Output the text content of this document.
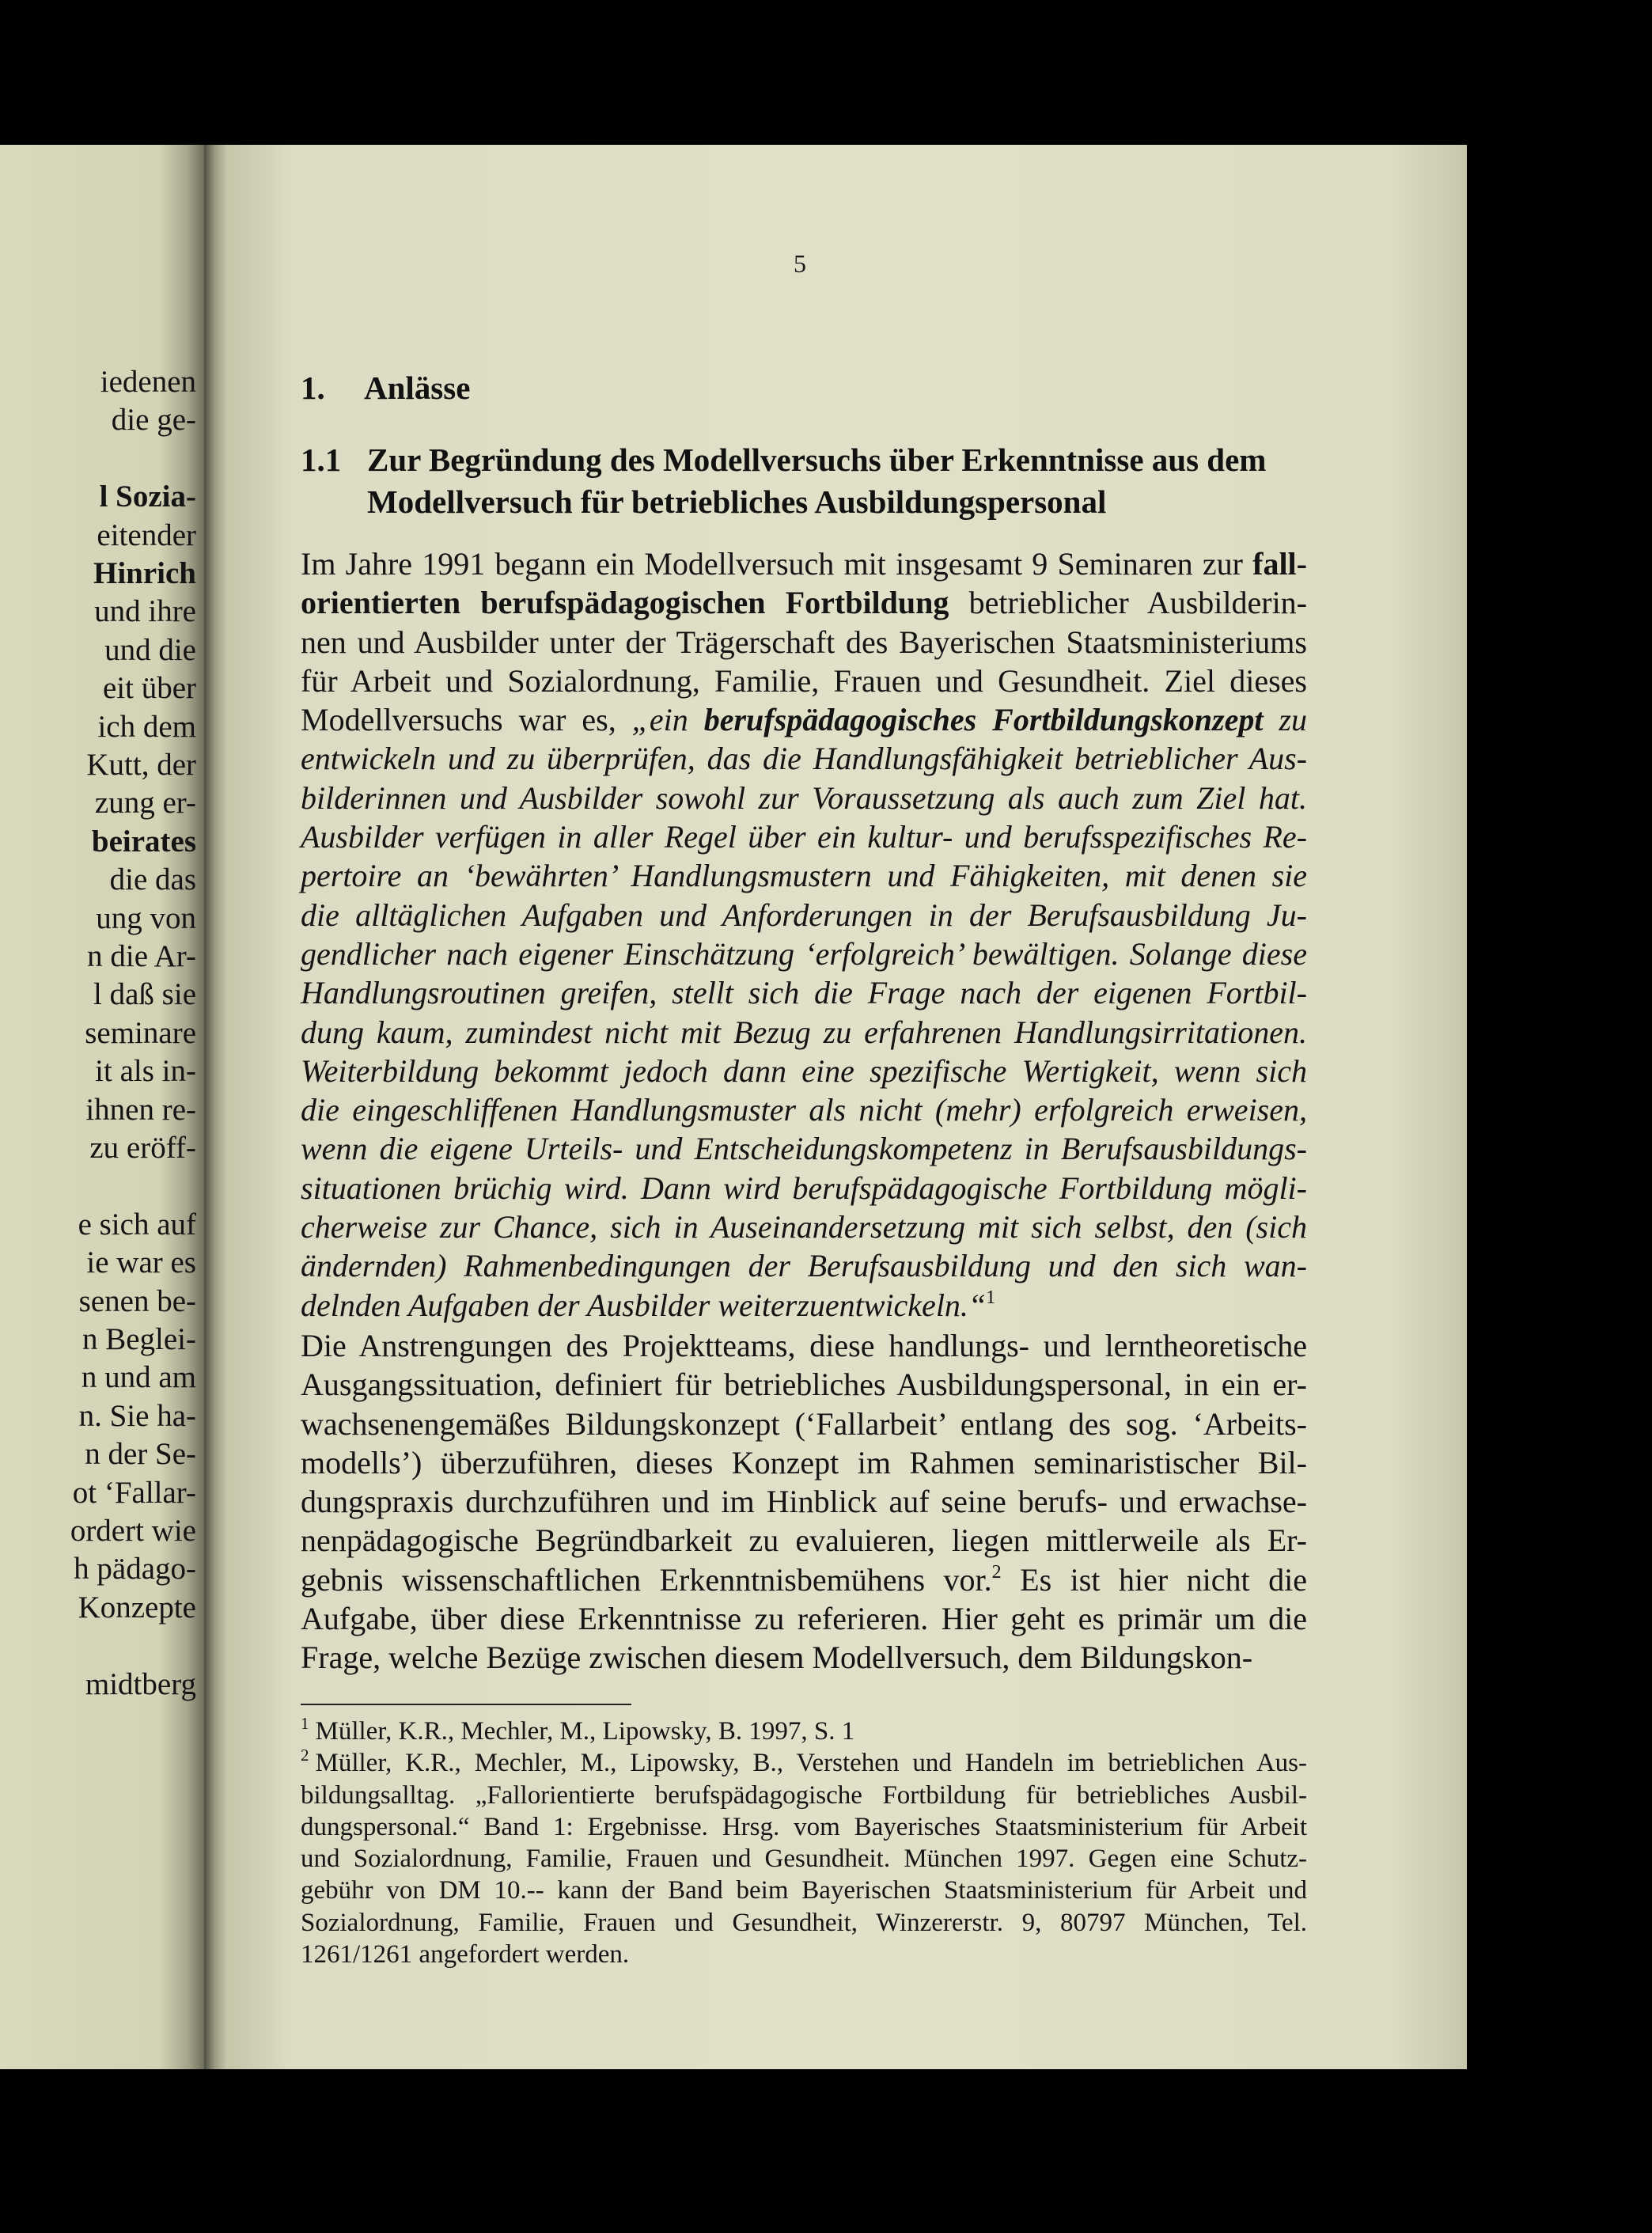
iedenen
die ge-
l Sozia-
eitender
Hinrich
und ihre
und die
eit über
ich dem
Kutt, der
zung er-
beirates
die das
ung von
n die Ar-
l daß sie
seminare
it als in-
ihnen re-
zu eröff-
e sich auf
ie war es
senen be-
n Beglei-
n und am
n. Sie ha-
n der Se-
ot ‘Fallar-
ordert wie
h pädago-
Konzepte
midtberg
5
1. Anlässe
1.1 Zur Begründung des Modellversuchs über Erkenntnisse aus dem
Modellversuch für betriebliches Ausbildungspersonal
Im Jahre 1991 begann ein Modellversuch mit insgesamt 9 Seminaren zur fall-
orientierten berufspädagogischen Fortbildung betrieblicher Ausbilderin-
nen und Ausbilder unter der Trägerschaft des Bayerischen Staatsministeriums
für Arbeit und Sozialordnung, Familie, Frauen und Gesundheit. Ziel dieses
Modellversuchs war es, „ein berufspädagogisches Fortbildungskonzept zu
entwickeln und zu überprüfen, das die Handlungsfähigkeit betrieblicher Aus-
bilderinnen und Ausbilder sowohl zur Voraussetzung als auch zum Ziel hat.
Ausbilder verfügen in aller Regel über ein kultur- und berufsspezifisches Re-
pertoire an ‘bewährten’ Handlungsmustern und Fähigkeiten, mit denen sie
die alltäglichen Aufgaben und Anforderungen in der Berufsausbildung Ju-
gendlicher nach eigener Einschätzung ‘erfolgreich’ bewältigen. Solange diese
Handlungsroutinen greifen, stellt sich die Frage nach der eigenen Fortbil-
dung kaum, zumindest nicht mit Bezug zu erfahrenen Handlungsirritationen.
Weiterbildung bekommt jedoch dann eine spezifische Wertigkeit, wenn sich
die eingeschliffenen Handlungsmuster als nicht (mehr) erfolgreich erweisen,
wenn die eigene Urteils- und Entscheidungskompetenz in Berufsausbildungs-
situationen brüchig wird. Dann wird berufspädagogische Fortbildung mögli-
cherweise zur Chance, sich in Auseinandersetzung mit sich selbst, den (sich
ändernden) Rahmenbedingungen der Berufsausbildung und den sich wan-
delnden Aufgaben der Ausbilder weiterzuentwickeln.“$^1$
Die Anstrengungen des Projektteams, diese handlungs- und lerntheoretische
Ausgangssituation, definiert für betriebliches Ausbildungspersonal, in ein er-
wachsenengemäßes Bildungskonzept (‘Fallarbeit’ entlang des sog. ‘Arbeits-
modells’) überzuführen, dieses Konzept im Rahmen seminaristischer Bil-
dungspraxis durchzuführen und im Hinblick auf seine berufs- und erwachse-
nenpädagogische Begründbarkeit zu evaluieren, liegen mittlerweile als Er-
gebnis wissenschaftlichen Erkenntnisbemühens vor.$^2$ Es ist hier nicht die
Aufgabe, über diese Erkenntnisse zu referieren. Hier geht es primär um die
Frage, welche Bezüge zwischen diesem Modellversuch, dem Bildungskon-
$^1$ Müller, K.R., Mechler, M., Lipowsky, B. 1997, S. 1
$^2$ Müller, K.R., Mechler, M., Lipowsky, B., Verstehen und Handeln im betrieblichen Aus-
bildungsalltag. „Fallorientierte berufspädagogische Fortbildung für betriebliches Ausbil-
dungspersonal.“ Band 1: Ergebnisse. Hrsg. vom Bayerisches Staatsministerium für Arbeit
und Sozialordnung, Familie, Frauen und Gesundheit. München 1997. Gegen eine Schutz-
gebühr von DM 10.-- kann der Band beim Bayerischen Staatsministerium für Arbeit und
Sozialordnung, Familie, Frauen und Gesundheit, Winzererstr. 9, 80797 München, Tel.
1261/1261 angefordert werden.
